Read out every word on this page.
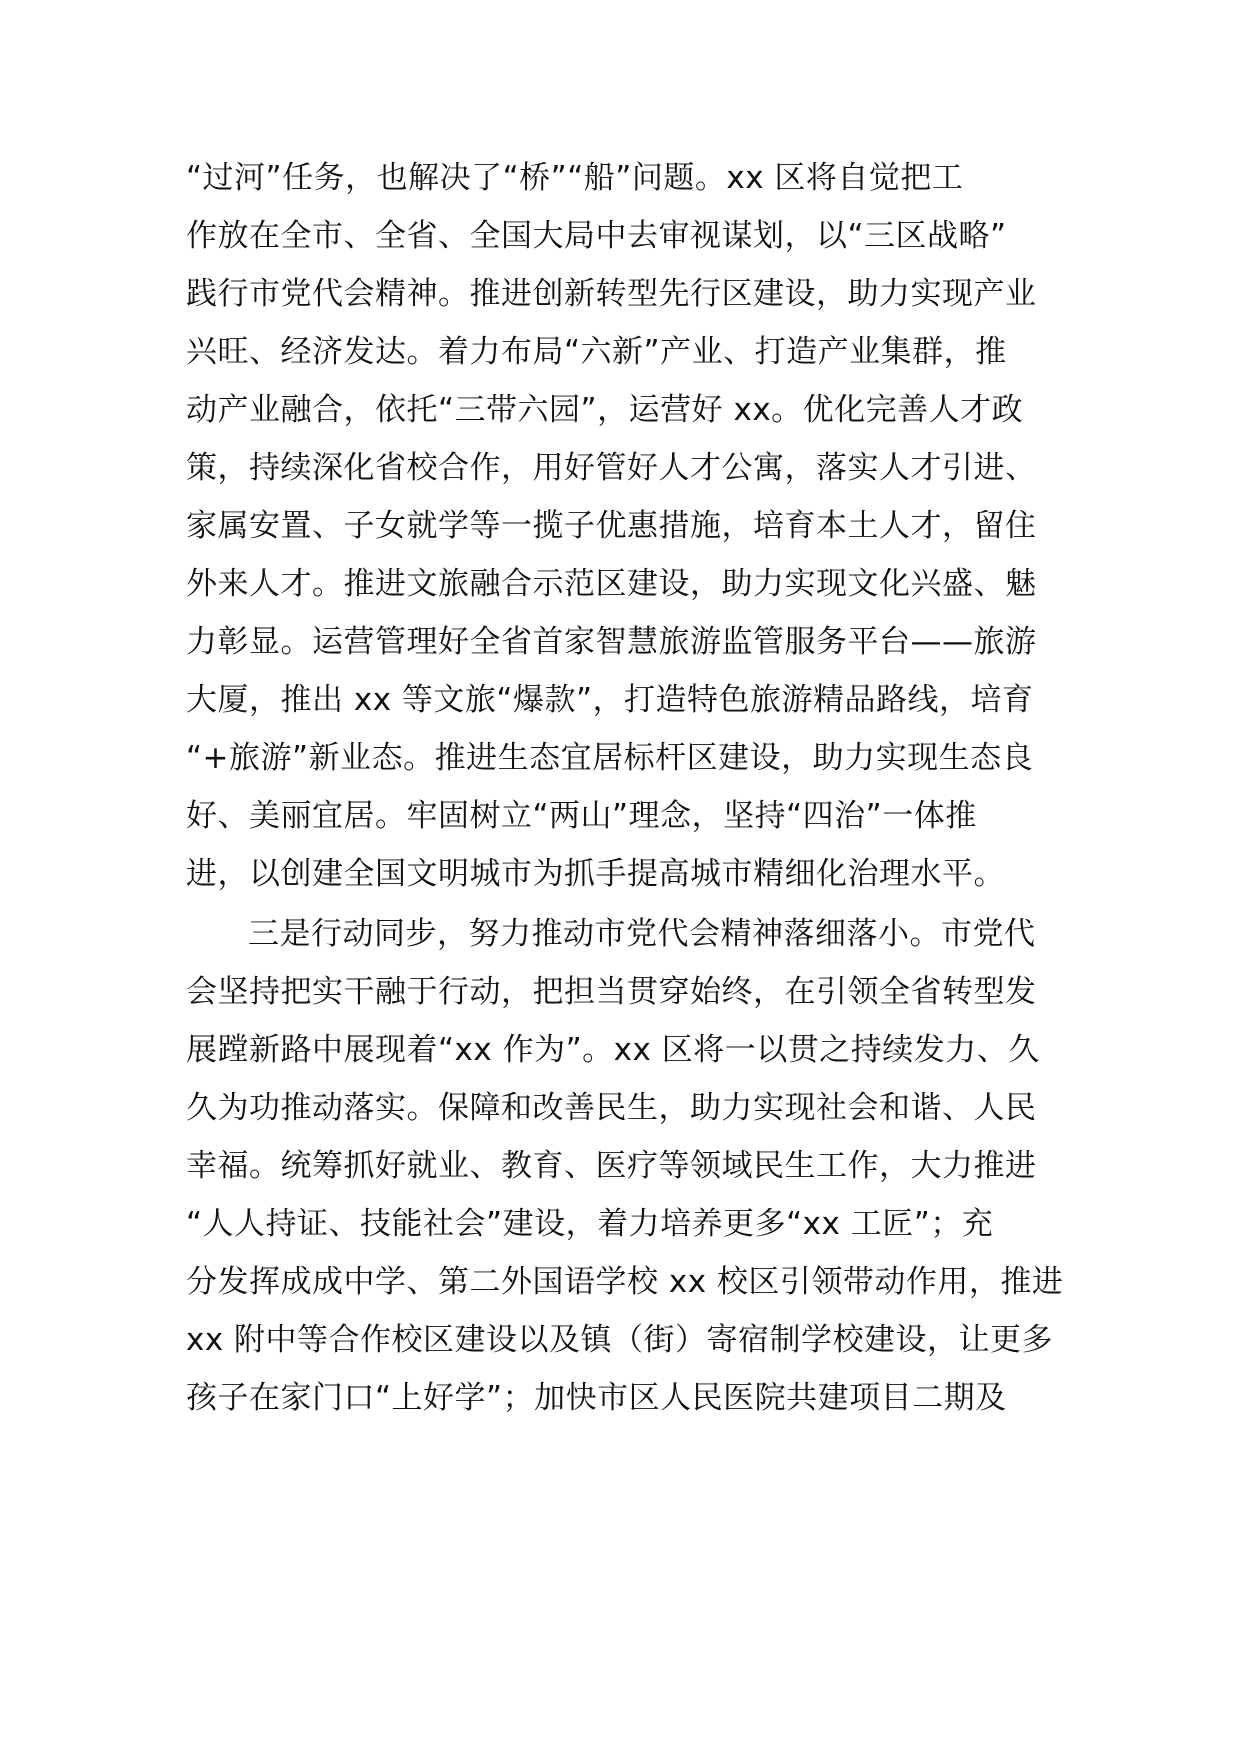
“过河”任务，也解决了“桥”“船”问题。xx 区将自觉把工
作放在全市、全省、全国大局中去审视谋划，以“三区战略”
践行市党代会精神。推进创新转型先行区建设，助力实现产业
兴旺、经济发达。着力布局“六新”产业、打造产业集群，推
动产业融合，依托“三带六园”，运营好 xx。优化完善人才政
策，持续深化省校合作，用好管好人才公寓，落实人才引进、
家属安置、子女就学等一揽子优惠措施，培育本土人才，留住
外来人才。推进文旅融合示范区建设，助力实现文化兴盛、魅
力彰显。运营管理好全省首家智慧旅游监管服务平台——旅游
大厦，推出 xx 等文旅“爆款”，打造特色旅游精品路线，培育
“+旅游”新业态。推进生态宜居标杆区建设，助力实现生态良
好、美丽宜居。牢固树立“两山”理念，坚持“四治”一体推
进，以创建全国文明城市为抓手提高城市精细化治理水平。
三是行动同步，努力推动市党代会精神落细落小。市党代
会坚持把实干融于行动，把担当贯穿始终，在引领全省转型发
展蹚新路中展现着“xx 作为”。xx 区将一以贯之持续发力、久
久为功推动落实。保障和改善民生，助力实现社会和谐、人民
幸福。统筹抓好就业、教育、医疗等领域民生工作，大力推进
“人人持证、技能社会”建设，着力培养更多“xx 工匠”；充
分发挥成成中学、第二外国语学校 xx 校区引领带动作用，推进
xx 附中等合作校区建设以及镇（街）寄宿制学校建设，让更多
孩子在家门口“上好学”；加快市区人民医院共建项目二期及
